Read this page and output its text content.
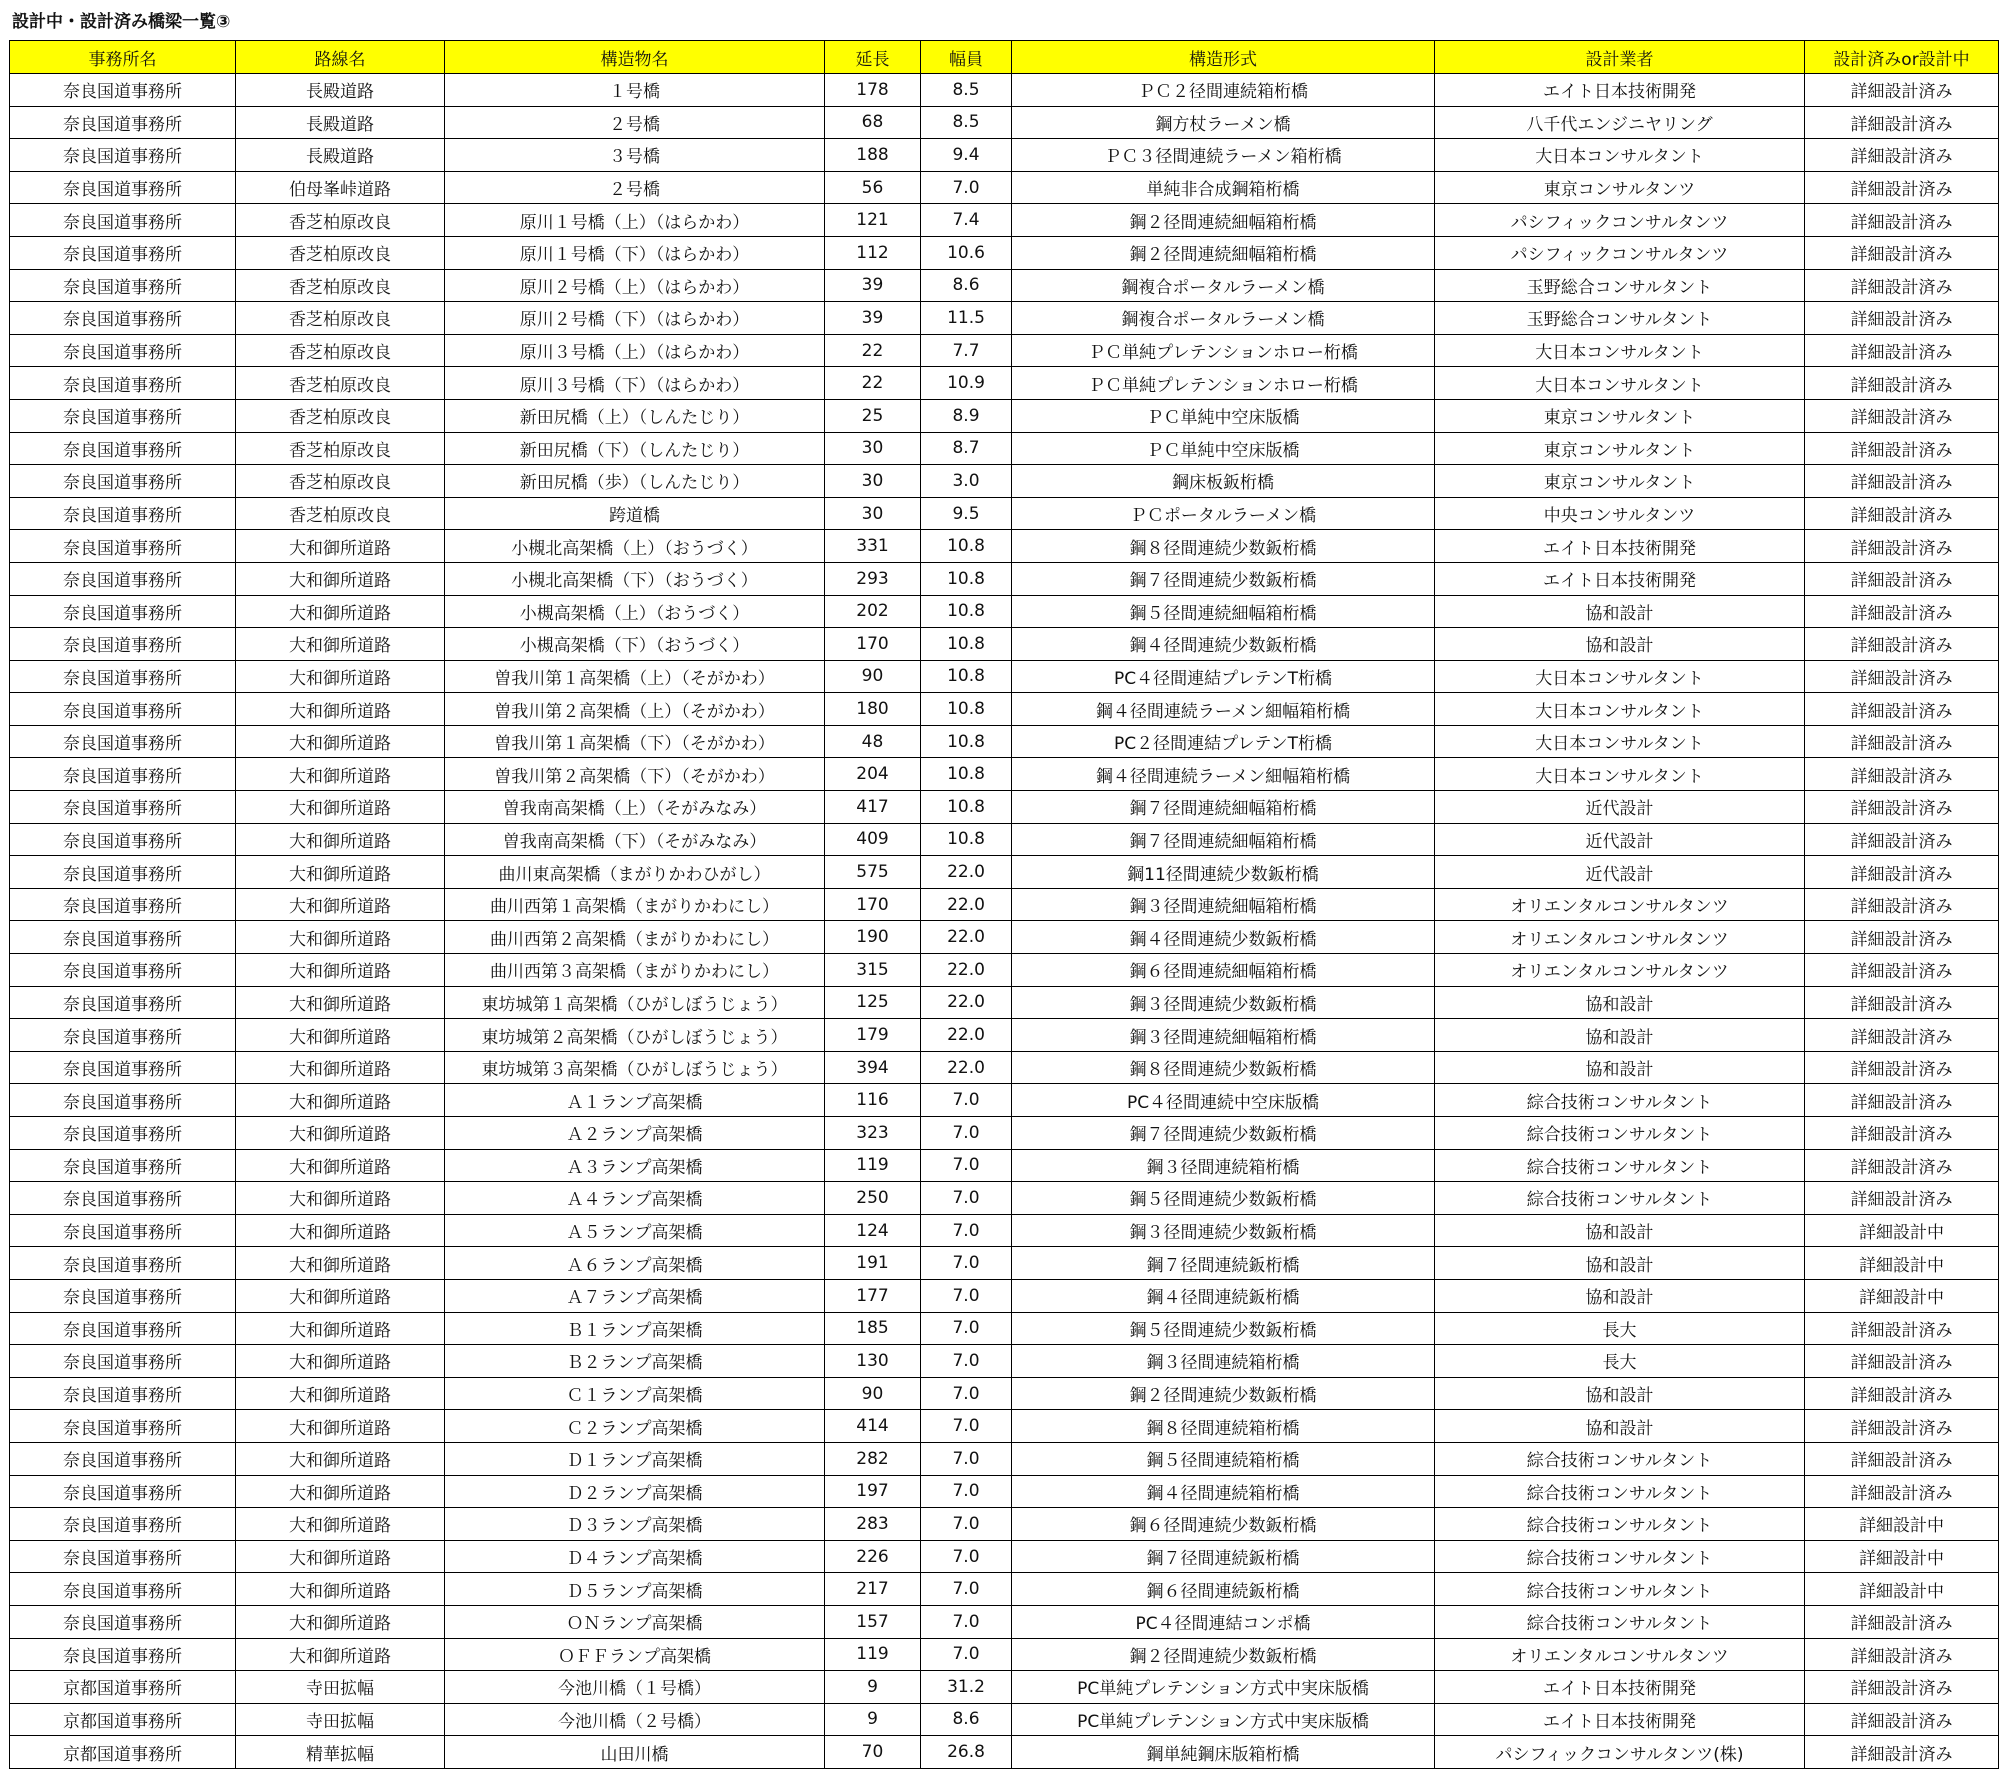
設計中・設計済み橋梁一覧③
事務所名	路線名	構造物名	延長	幅員	構造形式	設計業者	設計済みor設計中
奈良国道事務所	長殿道路	１号橋	178	8.5	ＰＣ２径間連続箱桁橋	エイト日本技術開発	詳細設計済み
奈良国道事務所	長殿道路	２号橋	68	8.5	鋼方杖ラーメン橋	八千代エンジニヤリング	詳細設計済み
奈良国道事務所	長殿道路	３号橋	188	9.4	ＰＣ３径間連続ラーメン箱桁橋	大日本コンサルタント	詳細設計済み
奈良国道事務所	伯母峯峠道路	２号橋	56	7.0	単純非合成鋼箱桁橋	東京コンサルタンツ	詳細設計済み
奈良国道事務所	香芝柏原改良	原川１号橋（上）（はらかわ）	121	7.4	鋼２径間連続細幅箱桁橋	パシフィックコンサルタンツ	詳細設計済み
奈良国道事務所	香芝柏原改良	原川１号橋（下）（はらかわ）	112	10.6	鋼２径間連続細幅箱桁橋	パシフィックコンサルタンツ	詳細設計済み
奈良国道事務所	香芝柏原改良	原川２号橋（上）（はらかわ）	39	8.6	鋼複合ポータルラーメン橋	玉野総合コンサルタント	詳細設計済み
奈良国道事務所	香芝柏原改良	原川２号橋（下）（はらかわ）	39	11.5	鋼複合ポータルラーメン橋	玉野総合コンサルタント	詳細設計済み
奈良国道事務所	香芝柏原改良	原川３号橋（上）（はらかわ）	22	7.7	ＰＣ単純プレテンションホロー桁橋	大日本コンサルタント	詳細設計済み
奈良国道事務所	香芝柏原改良	原川３号橋（下）（はらかわ）	22	10.9	ＰＣ単純プレテンションホロー桁橋	大日本コンサルタント	詳細設計済み
奈良国道事務所	香芝柏原改良	新田尻橋（上）（しんたじり）	25	8.9	ＰＣ単純中空床版橋	東京コンサルタント	詳細設計済み
奈良国道事務所	香芝柏原改良	新田尻橋（下）（しんたじり）	30	8.7	ＰＣ単純中空床版橋	東京コンサルタント	詳細設計済み
奈良国道事務所	香芝柏原改良	新田尻橋（歩）（しんたじり）	30	3.0	鋼床板鈑桁橋	東京コンサルタント	詳細設計済み
奈良国道事務所	香芝柏原改良	跨道橋	30	9.5	ＰＣポータルラーメン橋	中央コンサルタンツ	詳細設計済み
奈良国道事務所	大和御所道路	小槻北高架橋（上）（おうづく）	331	10.8	鋼８径間連続少数鈑桁橋	エイト日本技術開発	詳細設計済み
奈良国道事務所	大和御所道路	小槻北高架橋（下）（おうづく）	293	10.8	鋼７径間連続少数鈑桁橋	エイト日本技術開発	詳細設計済み
奈良国道事務所	大和御所道路	小槻高架橋（上）（おうづく）	202	10.8	鋼５径間連続細幅箱桁橋	協和設計	詳細設計済み
奈良国道事務所	大和御所道路	小槻高架橋（下）（おうづく）	170	10.8	鋼４径間連続少数鈑桁橋	協和設計	詳細設計済み
奈良国道事務所	大和御所道路	曽我川第１高架橋（上）（そがかわ）	90	10.8	PC４径間連結プレテンT桁橋	大日本コンサルタント	詳細設計済み
奈良国道事務所	大和御所道路	曽我川第２高架橋（上）（そがかわ）	180	10.8	鋼４径間連続ラーメン細幅箱桁橋	大日本コンサルタント	詳細設計済み
奈良国道事務所	大和御所道路	曽我川第１高架橋（下）（そがかわ）	48	10.8	PC２径間連結プレテンT桁橋	大日本コンサルタント	詳細設計済み
奈良国道事務所	大和御所道路	曽我川第２高架橋（下）（そがかわ）	204	10.8	鋼４径間連続ラーメン細幅箱桁橋	大日本コンサルタント	詳細設計済み
奈良国道事務所	大和御所道路	曽我南高架橋（上）（そがみなみ）	417	10.8	鋼７径間連続細幅箱桁橋	近代設計	詳細設計済み
奈良国道事務所	大和御所道路	曽我南高架橋（下）（そがみなみ）	409	10.8	鋼７径間連続細幅箱桁橋	近代設計	詳細設計済み
奈良国道事務所	大和御所道路	曲川東高架橋（まがりかわひがし）	575	22.0	鋼11径間連続少数鈑桁橋	近代設計	詳細設計済み
奈良国道事務所	大和御所道路	曲川西第１高架橋（まがりかわにし）	170	22.0	鋼３径間連続細幅箱桁橋	オリエンタルコンサルタンツ	詳細設計済み
奈良国道事務所	大和御所道路	曲川西第２高架橋（まがりかわにし）	190	22.0	鋼４径間連続少数鈑桁橋	オリエンタルコンサルタンツ	詳細設計済み
奈良国道事務所	大和御所道路	曲川西第３高架橋（まがりかわにし）	315	22.0	鋼６径間連続細幅箱桁橋	オリエンタルコンサルタンツ	詳細設計済み
奈良国道事務所	大和御所道路	東坊城第１高架橋（ひがしぼうじょう）	125	22.0	鋼３径間連続少数鈑桁橋	協和設計	詳細設計済み
奈良国道事務所	大和御所道路	東坊城第２高架橋（ひがしぼうじょう）	179	22.0	鋼３径間連続細幅箱桁橋	協和設計	詳細設計済み
奈良国道事務所	大和御所道路	東坊城第３高架橋（ひがしぼうじょう）	394	22.0	鋼８径間連続少数鈑桁橋	協和設計	詳細設計済み
奈良国道事務所	大和御所道路	Ａ１ランプ高架橋	116	7.0	PC４径間連続中空床版橋	綜合技術コンサルタント	詳細設計済み
奈良国道事務所	大和御所道路	Ａ２ランプ高架橋	323	7.0	鋼７径間連続少数鈑桁橋	綜合技術コンサルタント	詳細設計済み
奈良国道事務所	大和御所道路	Ａ３ランプ高架橋	119	7.0	鋼３径間連続箱桁橋	綜合技術コンサルタント	詳細設計済み
奈良国道事務所	大和御所道路	Ａ４ランプ高架橋	250	7.0	鋼５径間連続少数鈑桁橋	綜合技術コンサルタント	詳細設計済み
奈良国道事務所	大和御所道路	Ａ５ランプ高架橋	124	7.0	鋼３径間連続少数鈑桁橋	協和設計	詳細設計中
奈良国道事務所	大和御所道路	Ａ６ランプ高架橋	191	7.0	鋼７径間連続鈑桁橋	協和設計	詳細設計中
奈良国道事務所	大和御所道路	Ａ７ランプ高架橋	177	7.0	鋼４径間連続鈑桁橋	協和設計	詳細設計中
奈良国道事務所	大和御所道路	Ｂ１ランプ高架橋	185	7.0	鋼５径間連続少数鈑桁橋	長大	詳細設計済み
奈良国道事務所	大和御所道路	Ｂ２ランプ高架橋	130	7.0	鋼３径間連続箱桁橋	長大	詳細設計済み
奈良国道事務所	大和御所道路	Ｃ１ランプ高架橋	90	7.0	鋼２径間連続少数鈑桁橋	協和設計	詳細設計済み
奈良国道事務所	大和御所道路	Ｃ２ランプ高架橋	414	7.0	鋼８径間連続箱桁橋	協和設計	詳細設計済み
奈良国道事務所	大和御所道路	Ｄ１ランプ高架橋	282	7.0	鋼５径間連続箱桁橋	綜合技術コンサルタント	詳細設計済み
奈良国道事務所	大和御所道路	Ｄ２ランプ高架橋	197	7.0	鋼４径間連続箱桁橋	綜合技術コンサルタント	詳細設計済み
奈良国道事務所	大和御所道路	Ｄ３ランプ高架橋	283	7.0	鋼６径間連続少数鈑桁橋	綜合技術コンサルタント	詳細設計中
奈良国道事務所	大和御所道路	Ｄ４ランプ高架橋	226	7.0	鋼７径間連続鈑桁橋	綜合技術コンサルタント	詳細設計中
奈良国道事務所	大和御所道路	Ｄ５ランプ高架橋	217	7.0	鋼６径間連続鈑桁橋	綜合技術コンサルタント	詳細設計中
奈良国道事務所	大和御所道路	ＯＮランプ高架橋	157	7.0	PC４径間連結コンポ橋	綜合技術コンサルタント	詳細設計済み
奈良国道事務所	大和御所道路	ＯＦＦランプ高架橋	119	7.0	鋼２径間連続少数鈑桁橋	オリエンタルコンサルタンツ	詳細設計済み
京都国道事務所	寺田拡幅	今池川橋（１号橋）	9	31.2	PC単純プレテンション方式中実床版橋	エイト日本技術開発	詳細設計済み
京都国道事務所	寺田拡幅	今池川橋（２号橋）	9	8.6	PC単純プレテンション方式中実床版橋	エイト日本技術開発	詳細設計済み
京都国道事務所	精華拡幅	山田川橋	70	26.8	鋼単純鋼床版箱桁橋	パシフィックコンサルタンツ(株)	詳細設計済み
